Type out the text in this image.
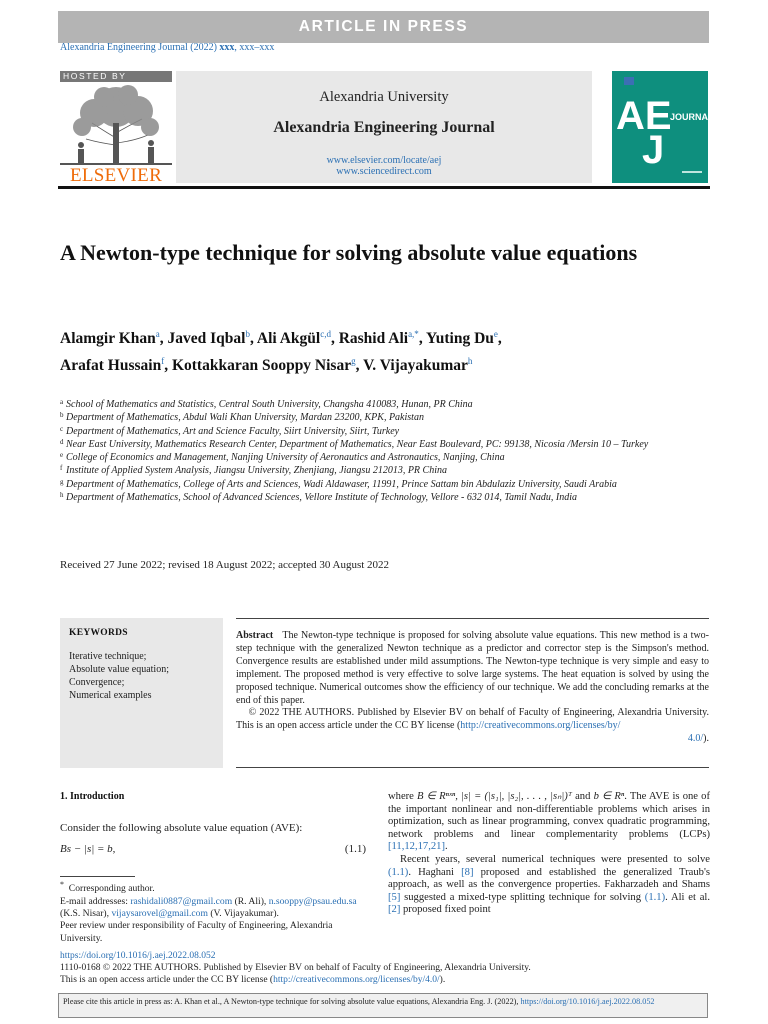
ARTICLE IN PRESS
Alexandria Engineering Journal (2022) xxx, xxx–xxx
HOSTED BY
ELSEVIER
Alexandria University
Alexandria Engineering Journal
www.elsevier.com/locate/aej
www.sciencedirect.com
AE
J
JOURNAL
A Newton-type technique for solving absolute value equations
Alamgir Khan$^a$, Javed Iqbal$^b$, Ali Akgül$^{c,d}$, Rashid Ali$^{a,*}$, Yuting Du$^e$,
Arafat Hussain$^f$, Kottakkaran Sooppy Nisar$^g$, V. Vijayakumar$^h$
a School of Mathematics and Statistics, Central South University, Changsha 410083, Hunan, PR China
b Department of Mathematics, Abdul Wali Khan University, Mardan 23200, KPK, Pakistan
c Department of Mathematics, Art and Science Faculty, Siirt University, Siirt, Turkey
d Near East University, Mathematics Research Center, Department of Mathematics, Near East Boulevard, PC: 99138, Nicosia /Mersin 10 – Turkey
e College of Economics and Management, Nanjing University of Aeronautics and Astronautics, Nanjing, China
f Institute of Applied System Analysis, Jiangsu University, Zhenjiang, Jiangsu 212013, PR China
g Department of Mathematics, College of Arts and Sciences, Wadi Aldawaser, 11991, Prince Sattam bin Abdulaziz University, Saudi Arabia
h Department of Mathematics, School of Advanced Sciences, Vellore Institute of Technology, Vellore - 632 014, Tamil Nadu, India
Received 27 June 2022; revised 18 August 2022; accepted 30 August 2022
KEYWORDS
Iterative technique;
Absolute value equation;
Convergence;
Numerical examples
Abstract The Newton-type technique is proposed for solving absolute value equations. This new method is a two-step technique with the generalized Newton technique as a predictor and corrector step is the Simpson's method. Convergence results are established under mild assumptions. The Newton-type technique is very simple and easy to implement. The proposed method is very effective to solve large systems. The heat equation is solved by using the proposed technique. Numerical outcomes show the efficiency of our technique. We add the concluding remarks at the end of this paper.
© 2022 THE AUTHORS. Published by Elsevier BV on behalf of Faculty of Engineering, Alexandria University. This is an open access article under the CC BY license (http://creativecommons.org/licenses/by/
4.0/).
1. Introduction
Consider the following absolute value equation (AVE):
Bs − |s| = b,	(1.1)
* Corresponding author.
E-mail addresses: rashidali0887@gmail.com (R. Ali), n.sooppy@psau.edu.sa (K.S. Nisar), vijaysarovel@gmail.com (V. Vijayakumar).
Peer review under responsibility of Faculty of Engineering, Alexandria University.

where B ∈ Rⁿˣⁿ, |s| = (|s₁|, |s₂|, . . . , |sₙ|)ᵀ and b ∈ Rⁿ. The AVE is one of the important nonlinear and non-differentiable problems which arises in optimization, such as linear programming, convex quadratic programming, network problems and linear complementarity problems (LCPs) [11,12,17,21].

Recent years, several numerical techniques were presented to solve (1.1). Haghani [8] proposed and established the generalized Traub's approach, as well as the convergence properties. Fakharzadeh and Shams [5] suggested a mixed-type splitting technique for solving (1.1). Ali et al. [2] proposed fixed point

https://doi.org/10.1016/j.aej.2022.08.052
1110-0168 © 2022 THE AUTHORS. Published by Elsevier BV on behalf of Faculty of Engineering, Alexandria University.
This is an open access article under the CC BY license (http://creativecommons.org/licenses/by/4.0/).
Please cite this article in press as: A. Khan et al., A Newton-type technique for solving absolute value equations, Alexandria Eng. J. (2022), https://doi.org/10.1016/j.aej.2022.08.052
